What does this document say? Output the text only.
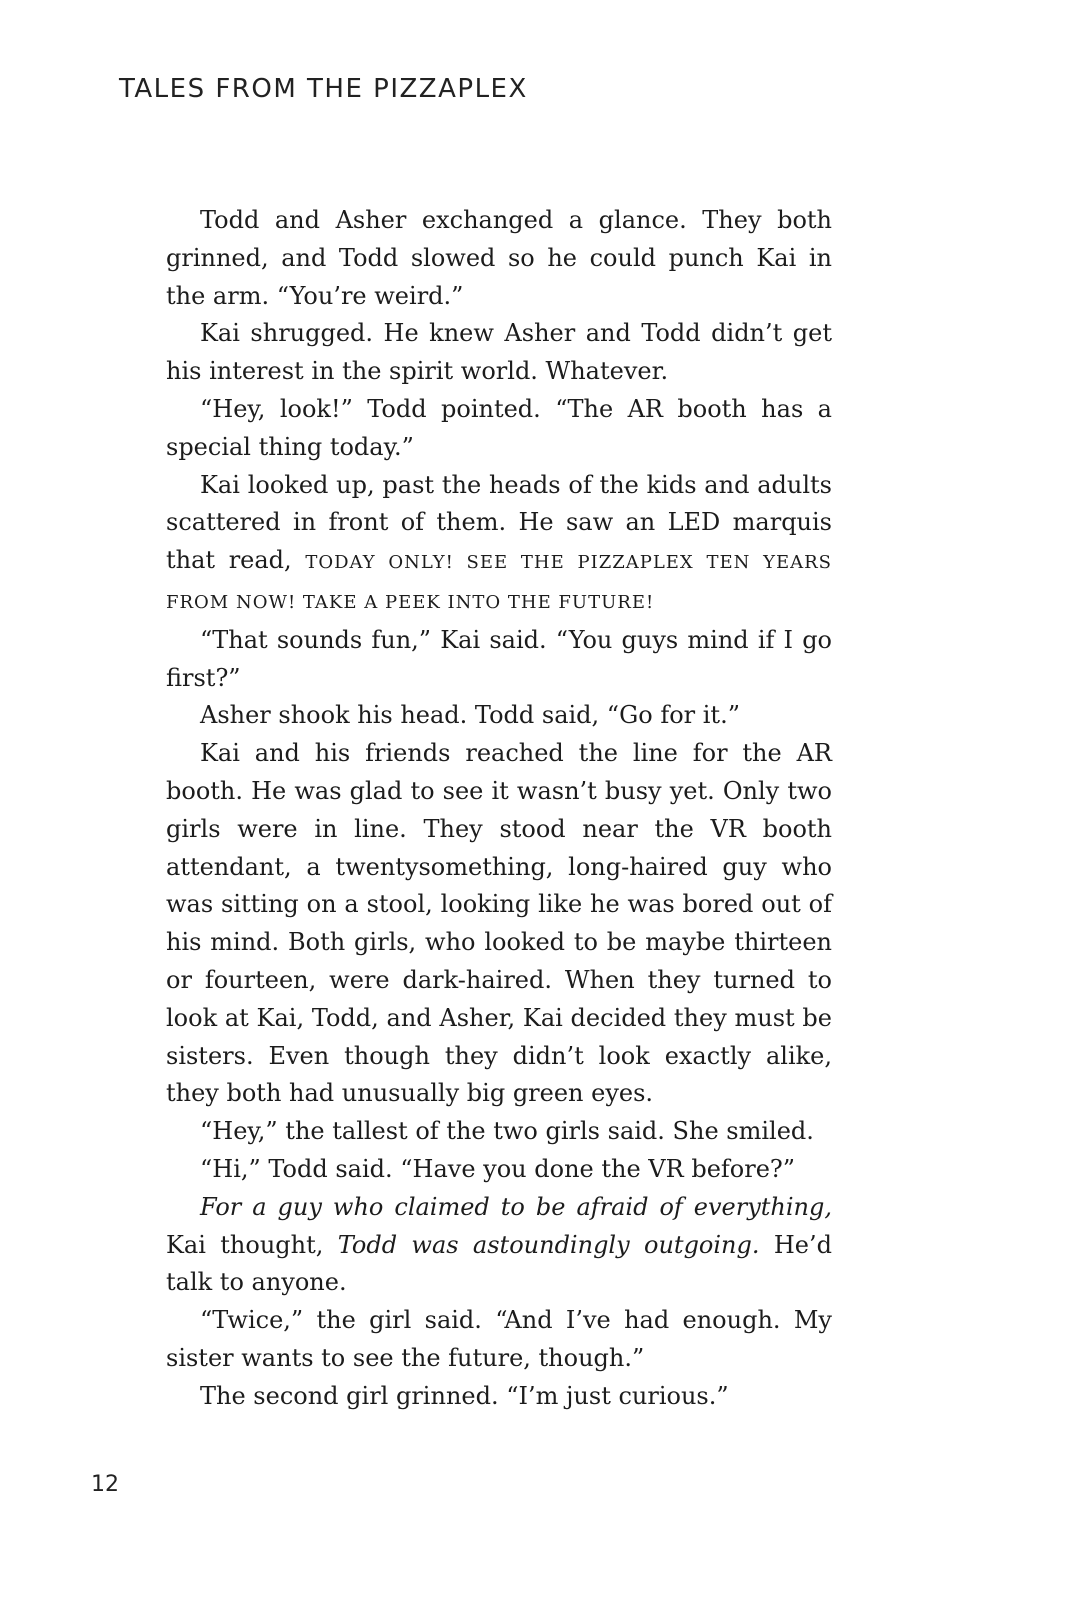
TALES FROM THE PIZZAPLEX

Todd and Asher exchanged a glance. They both grinned, and Todd slowed so he could punch Kai in the arm. “You’re weird.”

Kai shrugged. He knew Asher and Todd didn’t get his interest in the spirit world. Whatever.

“Hey, look!” Todd pointed. “The AR booth has a special thing today.”

Kai looked up, past the heads of the kids and adults scattered in front of them. He saw an LED marquis that read, TODAY ONLY! SEE THE PIZZAPLEX TEN YEARS FROM NOW! TAKE A PEEK INTO THE FUTURE!

“That sounds fun,” Kai said. “You guys mind if I go first?”

Asher shook his head. Todd said, “Go for it.”

Kai and his friends reached the line for the AR booth. He was glad to see it wasn’t busy yet. Only two girls were in line. They stood near the VR booth attendant, a twentysomething, long-haired guy who was sitting on a stool, looking like he was bored out of his mind. Both girls, who looked to be maybe thirteen or fourteen, were dark-haired. When they turned to look at Kai, Todd, and Asher, Kai decided they must be sisters. Even though they didn’t look exactly alike, they both had unusually big green eyes.

“Hey,” the tallest of the two girls said. She smiled.

“Hi,” Todd said. “Have you done the VR before?”

For a guy who claimed to be afraid of everything, Kai thought, Todd was astoundingly outgoing. He’d talk to anyone.

“Twice,” the girl said. “And I’ve had enough. My sister wants to see the future, though.”

The second girl grinned. “I’m just curious.”

12
